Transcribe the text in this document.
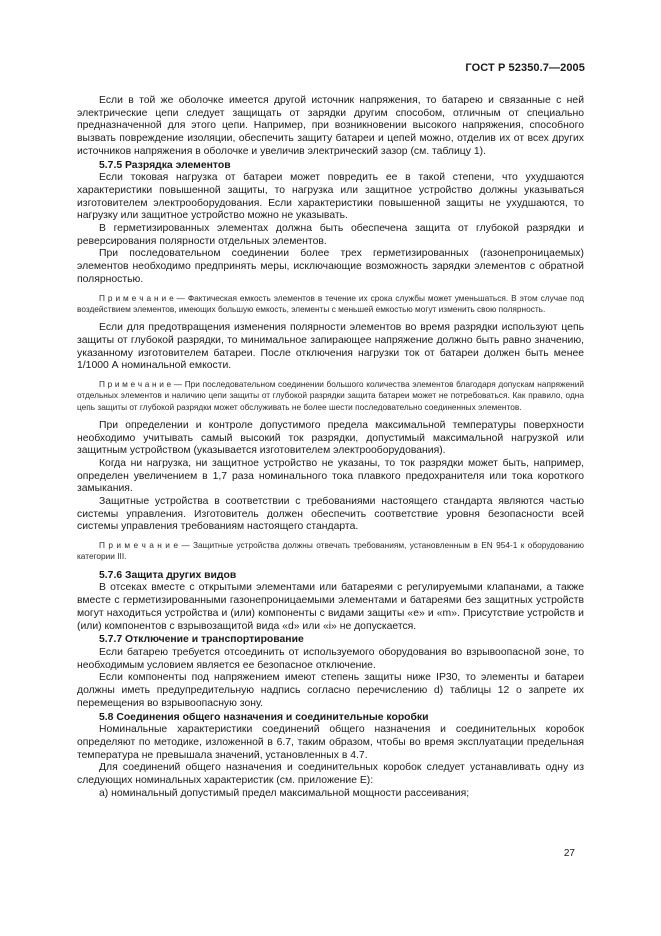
ГОСТ Р 52350.7—2005

Если в той же оболочке имеется другой источник напряжения, то батарею и связанные с ней электрические цепи следует защищать от зарядки другим способом, отличным от специально предназначенной для этого цепи. Например, при возникновении высокого напряжения, способного вызвать повреждение изоляции, обеспечить защиту батареи и цепей можно, отделив их от всех других источников напряжения в оболочке и увеличив электрический зазор (см. таблицу 1).

5.7.5 Разрядка элементов

Если токовая нагрузка от батареи может повредить ее в такой степени, что ухудшаются характеристики повышенной защиты, то нагрузка или защитное устройство должны указываться изготовителем электрооборудования. Если характеристики повышенной защиты не ухудшаются, то нагрузку или защитное устройство можно не указывать.

В герметизированных элементах должна быть обеспечена защита от глубокой разрядки и реверсирования полярности отдельных элементов.

При последовательном соединении более трех герметизированных (газонепроницаемых) элементов необходимо предпринять меры, исключающие возможность зарядки элементов с обратной полярностью.

П р и м е ч а н и е — Фактическая емкость элементов в течение их срока службы может уменьшаться. В этом случае под воздействием элементов, имеющих большую емкость, элементы с меньшей емкостью могут изменить свою полярность.

Если для предотвращения изменения полярности элементов во время разрядки используют цепь защиты от глубокой разрядки, то минимальное запирающее напряжение должно быть равно значению, указанному изготовителем батареи. После отключения нагрузки ток от батареи должен быть менее 1/1000 А номинальной емкости.

П р и м е ч а н и е — При последовательном соединении большого количества элементов благодаря допускам напряжений отдельных элементов и наличию цепи защиты от глубокой разрядки защита батареи может не потребоваться. Как правило, одна цепь защиты от глубокой разрядки может обслуживать не более шести последовательно соединенных элементов.

При определении и контроле допустимого предела максимальной температуры поверхности необходимо учитывать самый высокий ток разрядки, допустимый максимальной нагрузкой или защитным устройством (указывается изготовителем электрооборудования).

Когда ни нагрузка, ни защитное устройство не указаны, то ток разрядки может быть, например, определен увеличением в 1,7 раза номинального тока плавкого предохранителя или тока короткого замыкания.

Защитные устройства в соответствии с требованиями настоящего стандарта являются частью системы управления. Изготовитель должен обеспечить соответствие уровня безопасности всей системы управления требованиям настоящего стандарта.

П р и м е ч а н и е — Защитные устройства должны отвечать требованиям, установленным в EN 954-1 к оборудованию категории III.

5.7.6 Защита других видов

В отсеках вместе с открытыми элементами или батареями с регулируемыми клапанами, а также вместе с герметизированными газонепроницаемыми элементами и батареями без защитных устройств могут находиться устройства и (или) компоненты с видами защиты «e» и «m». Присутствие устройств и (или) компонентов с взрывозащитой вида «d» или «i» не допускается.

5.7.7 Отключение и транспортирование

Если батарею требуется отсоединить от используемого оборудования во взрывоопасной зоне, то необходимым условием является ее безопасное отключение.

Если компоненты под напряжением имеют степень защиты ниже IP30, то элементы и батареи должны иметь предупредительную надпись согласно перечислению d) таблицы 12 о запрете их перемещения во взрывоопасную зону.

5.8 Соединения общего назначения и соединительные коробки

Номинальные характеристики соединений общего назначения и соединительных коробок определяют по методике, изложенной в 6.7, таким образом, чтобы во время эксплуатации предельная температура не превышала значений, установленных в 4.7.

Для соединений общего назначения и соединительных коробок следует устанавливать одну из следующих номинальных характеристик (см. приложение Е):

а) номинальный допустимый предел максимальной мощности рассеивания;

27
